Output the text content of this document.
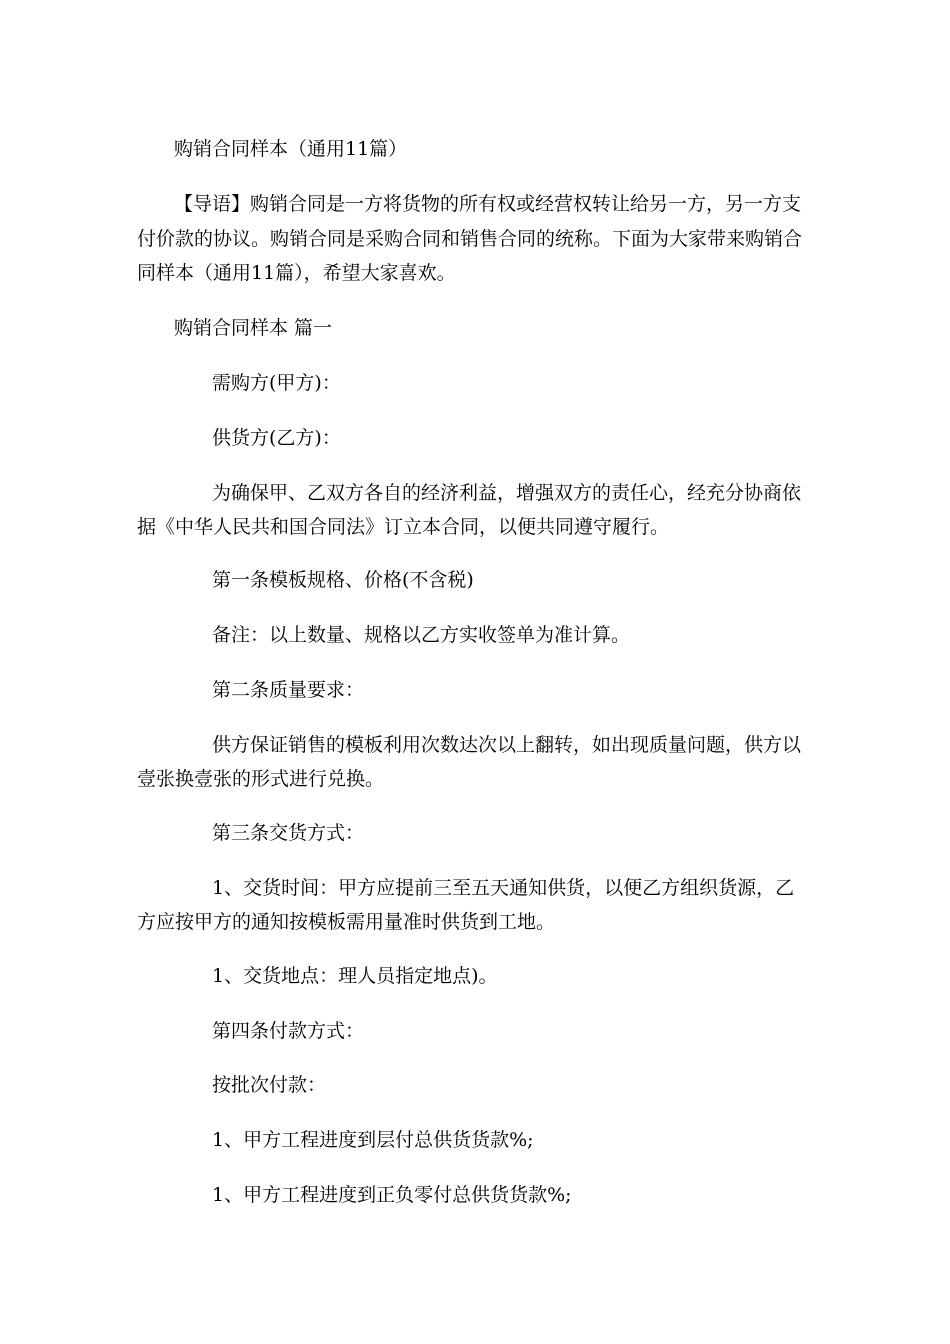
购销合同样本（通用11篇）
【导语】购销合同是一方将货物的所有权或经营权转让给另一方，另一方支
付价款的协议。购销合同是采购合同和销售合同的统称。下面为大家带来购销合
同样本（通用11篇），希望大家喜欢。
购销合同样本 篇一
需购方(甲方)：
供货方(乙方)：
为确保甲、乙双方各自的经济利益，增强双方的责任心，经充分协商依
据《中华人民共和国合同法》订立本合同，以便共同遵守履行。
第一条模板规格、价格(不含税)
备注：以上数量、规格以乙方实收签单为准计算。
第二条质量要求：
供方保证销售的模板利用次数达次以上翻转，如出现质量问题，供方以
壹张换壹张的形式进行兑换。
第三条交货方式：
1、交货时间：甲方应提前三至五天通知供货，以便乙方组织货源，乙
方应按甲方的通知按模板需用量准时供货到工地。
1、交货地点：理人员指定地点)。
第四条付款方式：
按批次付款：
1、甲方工程进度到层付总供货货款%;
1、甲方工程进度到正负零付总供货货款%;
